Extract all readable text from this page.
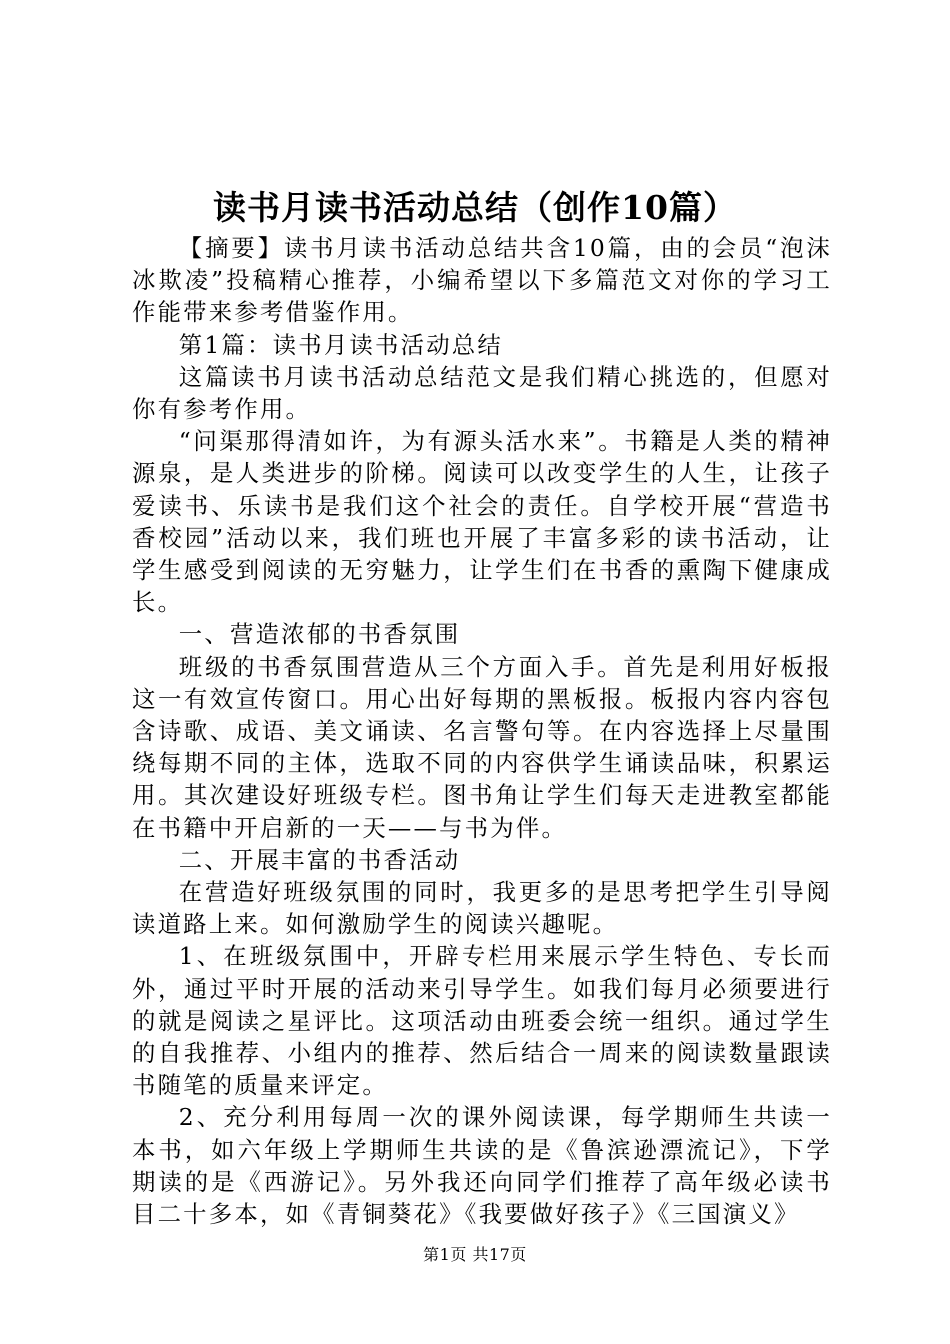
读书月读书活动总结（创作10篇）

【摘要】读书月读书活动总结共含10篇，由的会员“泡沫冰欺凌”投稿精心推荐，小编希望以下多篇范文对你的学习工作能带来参考借鉴作用。

第1篇：读书月读书活动总结

这篇读书月读书活动总结范文是我们精心挑选的，但愿对你有参考作用。

“问渠那得清如许，为有源头活水来”。书籍是人类的精神源泉，是人类进步的阶梯。阅读可以改变学生的人生，让孩子爱读书、乐读书是我们这个社会的责任。自学校开展“营造书香校园”活动以来，我们班也开展了丰富多彩的读书活动，让学生感受到阅读的无穷魅力，让学生们在书香的熏陶下健康成长。

一、营造浓郁的书香氛围

班级的书香氛围营造从三个方面入手。首先是利用好板报这一有效宣传窗口。用心出好每期的黑板报。板报内容内容包含诗歌、成语、美文诵读、名言警句等。在内容选择上尽量围绕每期不同的主体，选取不同的内容供学生诵读品味，积累运用。其次建设好班级专栏。图书角让学生们每天走进教室都能在书籍中开启新的一天——与书为伴。

二、开展丰富的书香活动

在营造好班级氛围的同时，我更多的是思考把学生引导阅读道路上来。如何激励学生的阅读兴趣呢。

1、在班级氛围中，开辟专栏用来展示学生特色、专长而外，通过平时开展的活动来引导学生。如我们每月必须要进行的就是阅读之星评比。这项活动由班委会统一组织。通过学生的自我推荐、小组内的推荐、然后结合一周来的阅读数量跟读书随笔的质量来评定。

2、充分利用每周一次的课外阅读课，每学期师生共读一本书，如六年级上学期师生共读的是《鲁滨逊漂流记》，下学期读的是《西游记》。另外我还向同学们推荐了高年级必读书目二十多本，如《青铜葵花》《我要做好孩子》《三国演义》

第1页 共17页
